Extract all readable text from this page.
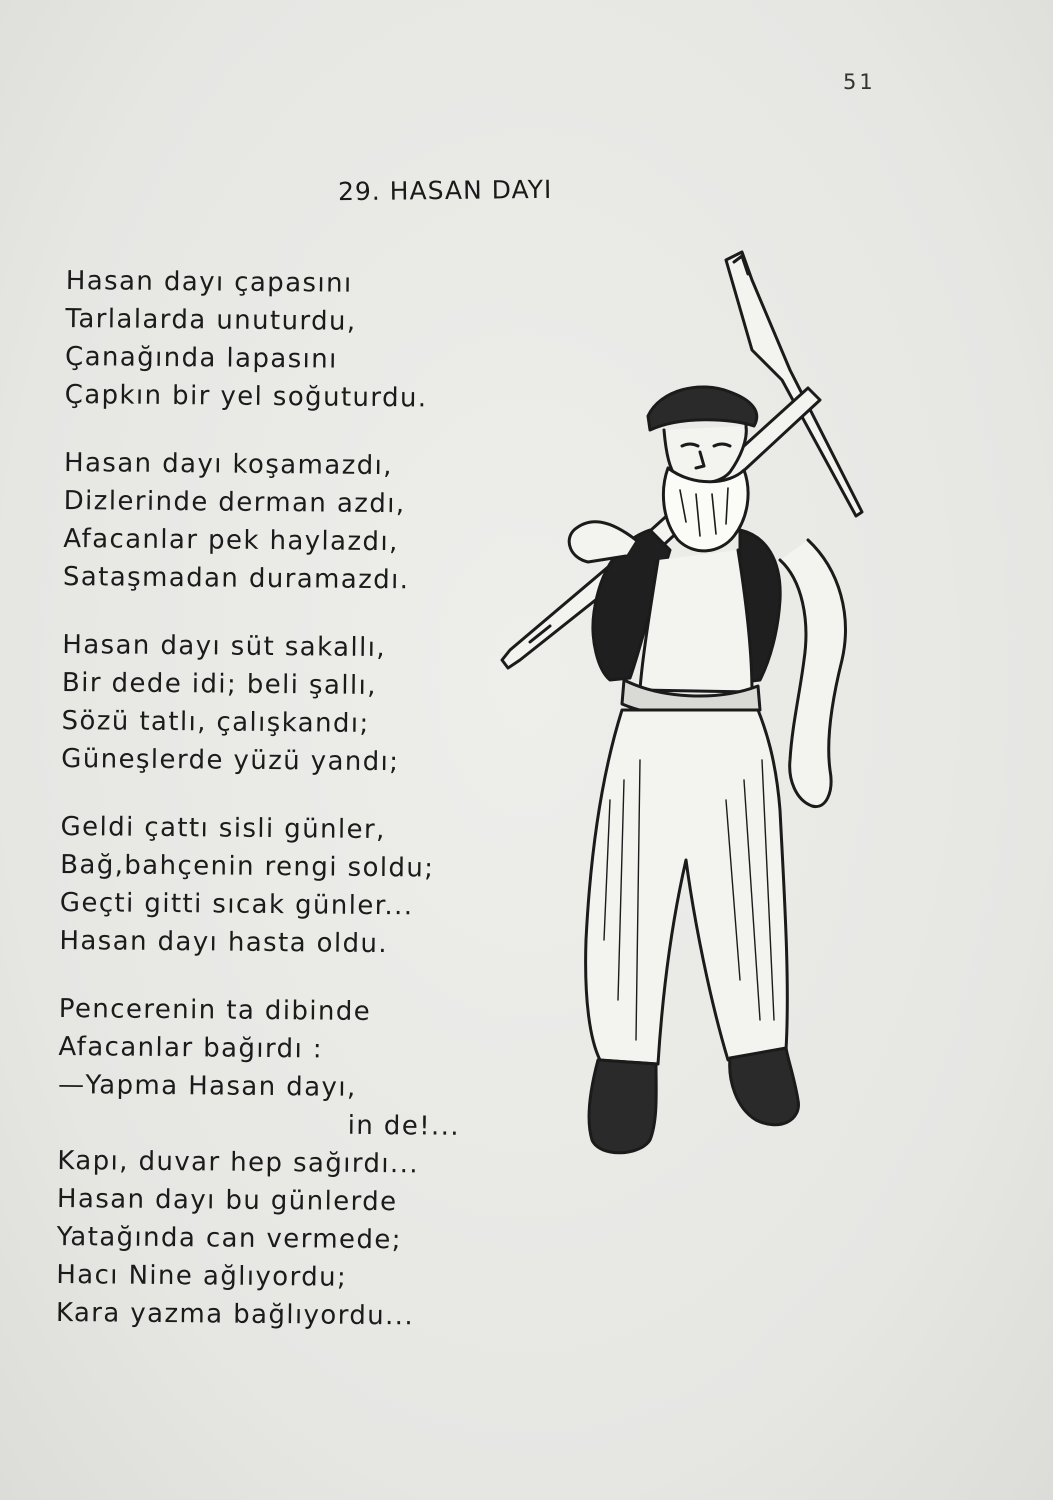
51
29. HASAN DAYI
Hasan dayı çapasını
Tarlalarda unuturdu,
Çanağında lapasını
Çapkın bir yel soğuturdu.
Hasan dayı koşamazdı,
Dizlerinde derman azdı,
Afacanlar pek haylazdı,
Sataşmadan duramazdı.
Hasan dayı süt sakallı,
Bir dede idi; beli şallı,
Sözü tatlı, çalışkandı;
Güneşlerde yüzü yandı;
Geldi çattı sisli günler,
Bağ,bahçenin rengi soldu;
Geçti gitti sıcak günler...
Hasan dayı hasta oldu.
Pencerenin ta dibinde
Afacanlar bağırdı :
—Yapma Hasan dayı,
in de!...
Kapı, duvar hep sağırdı...
Hasan dayı bu günlerde
Yatağında can vermede;
Hacı Nine ağlıyordu;
Kara yazma bağlıyordu...
